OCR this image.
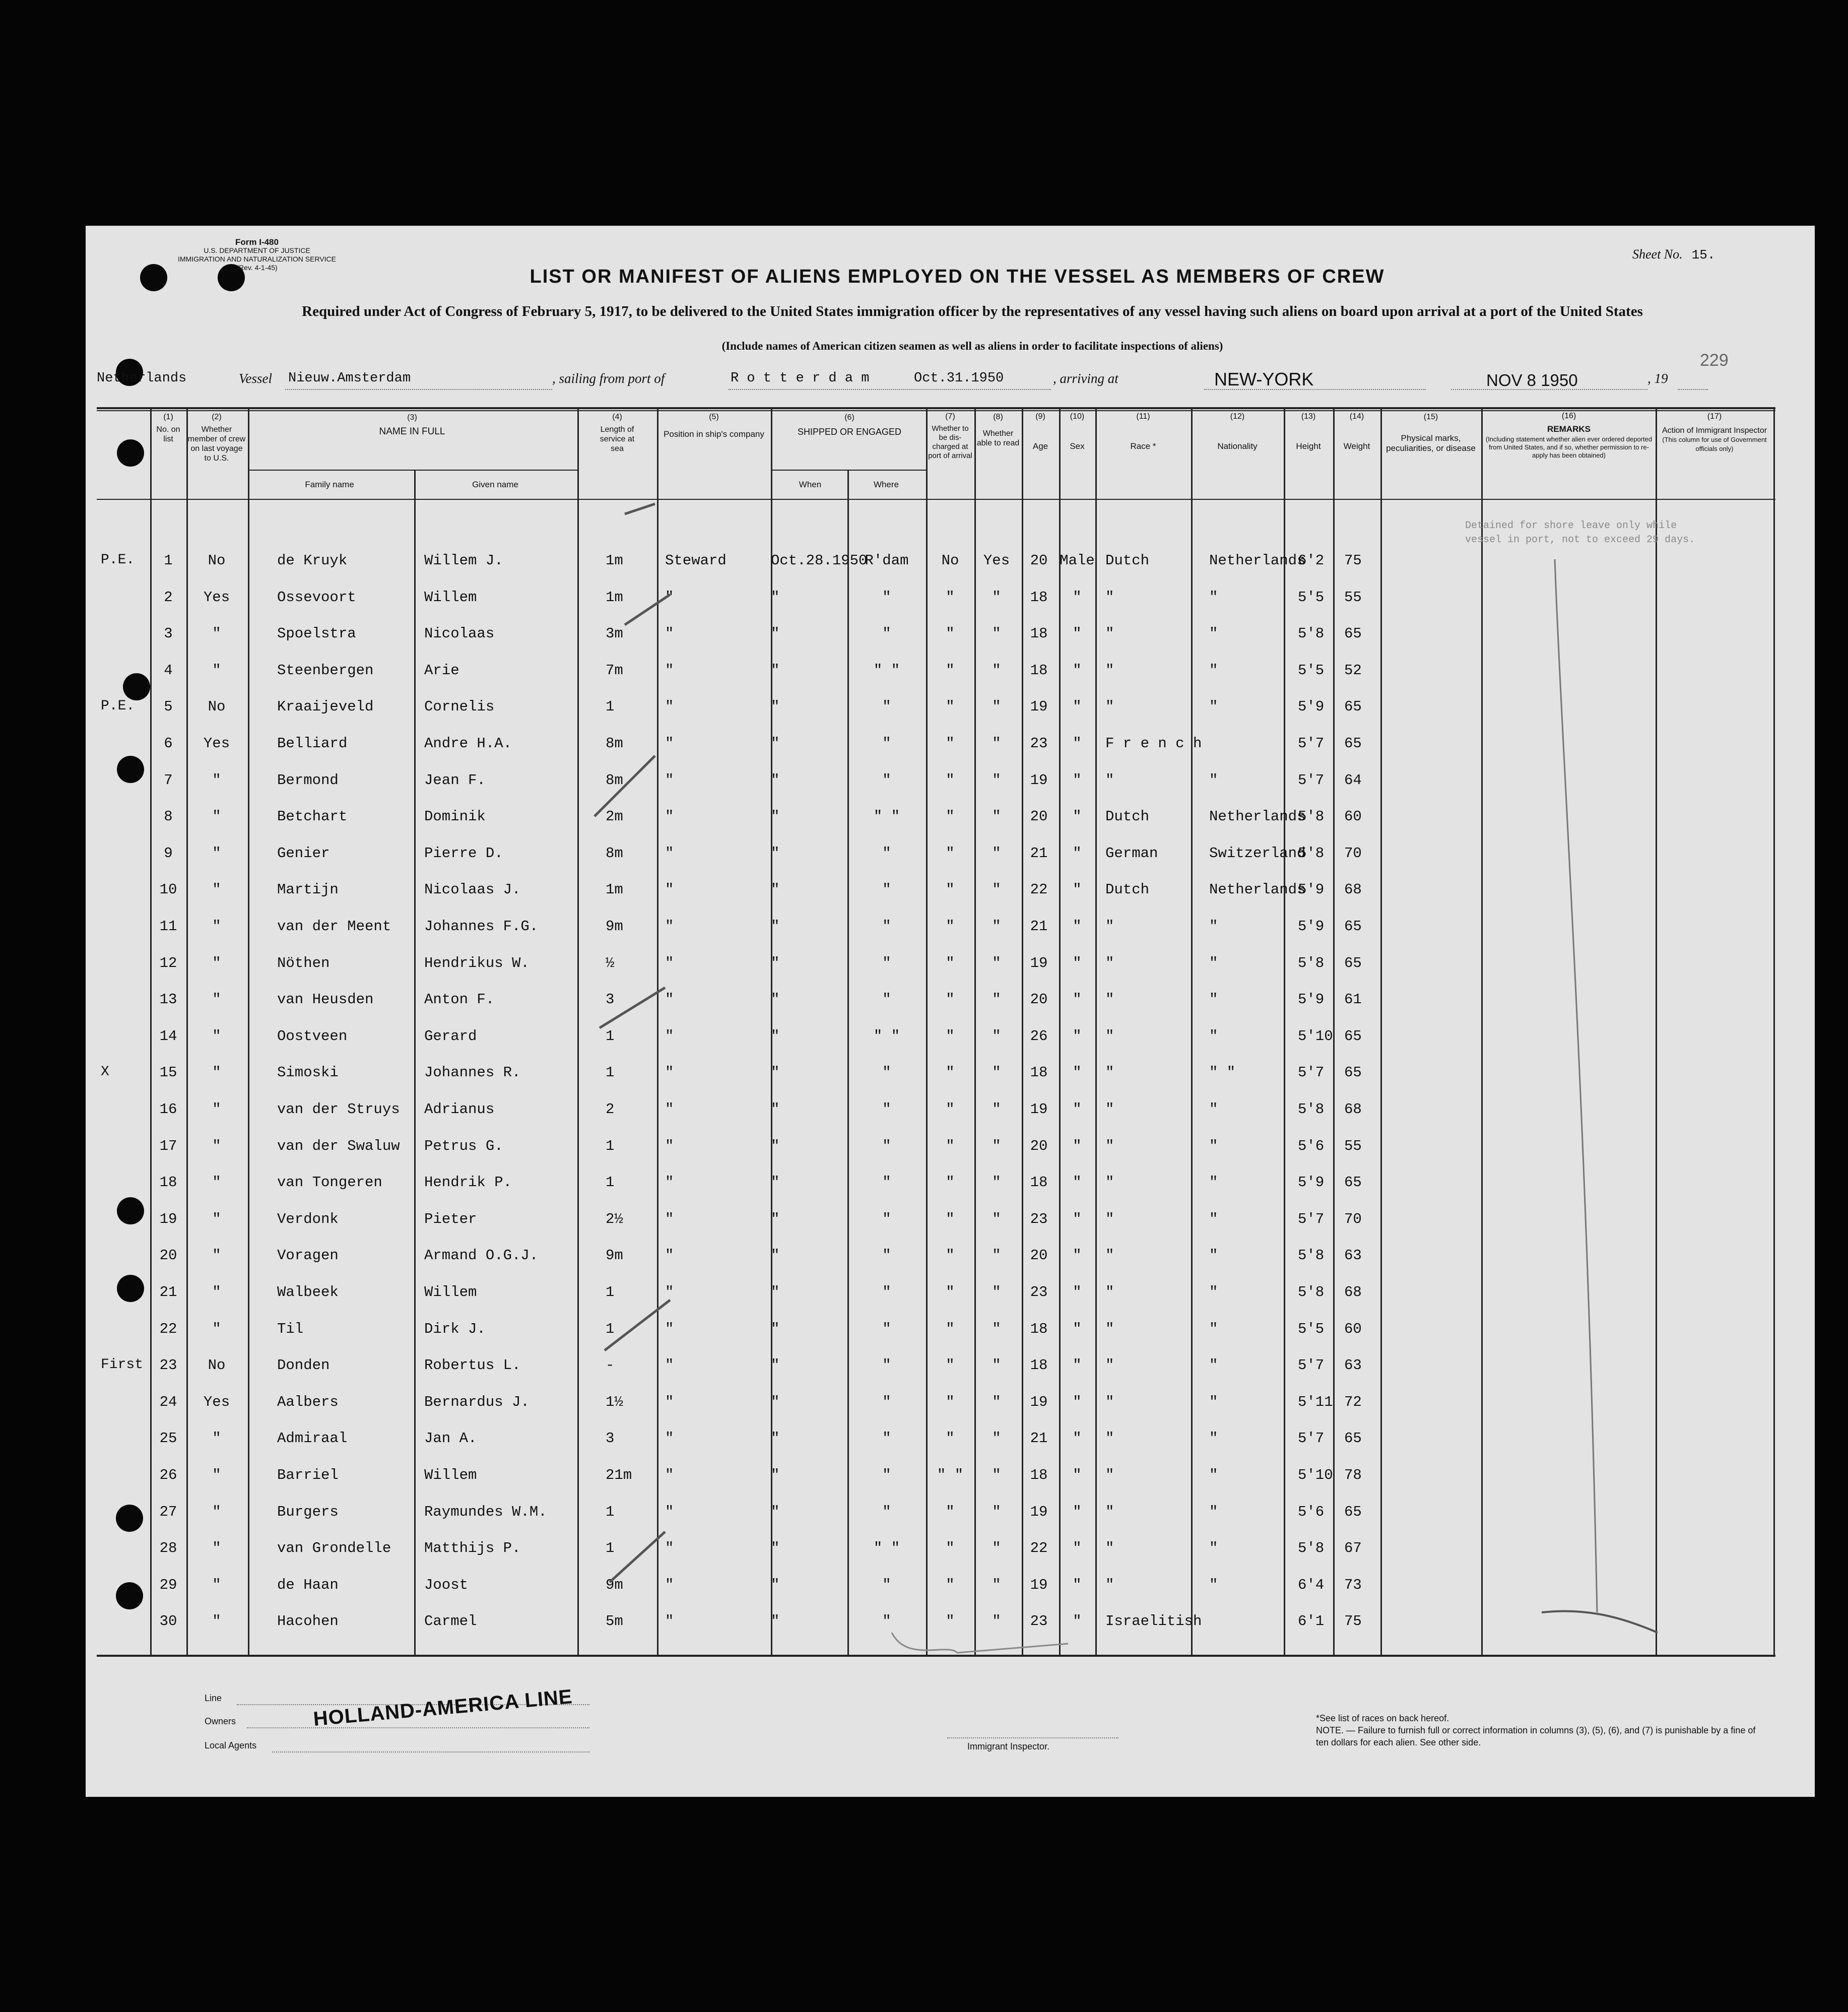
Form I-480
U.S. DEPARTMENT OF JUSTICE
IMMIGRATION AND NATURALIZATION SERVICE
(Rev. 4-1-45)	LIST OR MANIFEST OF ALIENS EMPLOYED ON THE VESSEL AS MEMBERS OF CREW
Required under Act of Congress of February 5, 1917, to be delivered to the United States immigration officer by the representatives of any vessel having such aliens on board upon arrival at a port of the United States
(Include names of American citizen seamen as well as aliens in order to facilitate inspections of aliens)
Sheet No. 15.
229
Netherlands	Vessel Nieuw.Amsterdam	, sailing from port of	R o t t e r d a m	Oct.31.1950	, arriving at	NEW-YORK	NOV 8 1950	, 19
(1)
No. on list
(2)
Whether member of crew on last voyage to U.S.
(3)
NAME IN FULL
Family name	Given name
(4)
Length of service at sea
(5)
Position in ship's company
(6)
SHIPPED OR ENGAGED
When	Where
(7)
Whether to be dis-charged at port of arrival
(8)
Whether able to read
(9)
Age
(10)
Sex
(11)
Race *
(12)
Nationality
(13)
Height
(14)
Weight
(15)
Physical marks, peculiarities, or disease
(16)
REMARKS
(Including statement whether alien ever ordered deported from United States, and if so, whether permission to re-apply has been obtained)
(17)
Action of Immigrant Inspector
(This column for use of Government officials only)
P.E.	1	No	de Kruyk	Willem J.	1m	Steward	Oct.28.1950
R'dam	No	Yes	20 Male Dutch	Netherlands
6'2 75
2	Yes	Ossevoort	Willem	1m	"	"	"	"	"	18	"	"	"	5'5 55
3	"	Spoelstra	Nicolaas	3m	"	"	"	"	"	18	"	"	"	5'8 65
4	"	Steenbergen	Arie	7m	"	"	" "	"	"	18	"	"	"	5'5 52
P.E.	5	No	Kraaijeveld	Cornelis	1	"	"	"	"	"	19	"	"	"	5'9 65
6	Yes	Belliard	Andre H.A.	8m	"	"	"	"	"	23	"	F r e n c h	5'7 65
7	"	Bermond	Jean F.	8m	"	"	"	"	"	19	"	"	"	5'7 64
8	"	Betchart	Dominik	2m	"	"	" "	"	"	20	"	Dutch	Netherlands
5'8 60
9	"	Genier	Pierre D.	8m	"	"	"	"	"	21	"	German	Switzerland
5'8 70
10	"	Martijn	Nicolaas J.	1m	"	"	"	"	"	22	"	Dutch	Netherlands
5'9 68
11	"	van der Meent Johannes F.G.	9m	"	"	"	"	"	21	"	"	"	5'9 65
12	"	Nöthen	Hendrikus W.	½	"	"	"	"	"	19	"	"	"	5'8 65
13	"	van Heusden	Anton F.	3	"	"	"	"	"	20	"	"	"	5'9 61
14	"	Oostveen	Gerard	1	"	"	" "	"	"	26	"	"	"	5'10 65
X	15	"	Simoski	Johannes R.	1	"	"	"	"	"	18	"	"	" "	5'7 65
16	"	van der Struys Adrianus	2	"	"	"	"	"	19	"	"	"	5'8 68
17	"	van der Swaluw Petrus G.	1	"	"	"	"	"	20	"	"	"	5'6 55
18	"	van Tongeren	Hendrik P.	1	"	"	"	"	"	18	"	"	"	5'9 65
19	"	Verdonk	Pieter	2½	"	"	"	"	"	23	"	"	"	5'7 70
20	"	Voragen	Armand O.G.J.	9m	"	"	"	"	"	20	"	"	"	5'8 63
21	"	Walbeek	Willem	1	"	"	"	"	"	23	"	"	"	5'8 68
22	"	Til	Dirk J.	1	"	"	"	"	"	18	"	"	"	5'5 60
First	23	No	Donden	Robertus L.	-	"	"	"	"	"	18	"	"	"	5'7 63
24	Yes	Aalbers	Bernardus J.	1½	"	"	"	"	"	19	"	"	"	5'11 72
25	"	Admiraal	Jan A.	3	"	"	"	"	"	21	"	"	"	5'7 65
26	"	Barriel	Willem	21m "	"	"	" "	"	18	"	"	"	5'10 78
27	"	Burgers	Raymundes W.M.	1	"	"	"	"	"	19	"	"	"	5'6 65
28	"	van Grondelle Matthijs P.	1	"	"	" "	"	"	22	"	"	"	5'8 67
29	"	de Haan	Joost	9m	"	"	"	"	"	19	"	"	"	6'4 73
30	"	Hacohen	Carmel	5m	"	"	"	"	"	23	"	Israelitish	6'1 75
Detained for shore leave only while vessel in port, not to exceed 29 days.
Line
Owners
Local Agents
HOLLAND-AMERICA LINE
Immigrant Inspector.
*See list of races on back hereof.
NOTE. — Failure to furnish full or correct information in columns (3), (5), (6), and (7) is punishable by a fine of ten dollars for each alien. See other side.
